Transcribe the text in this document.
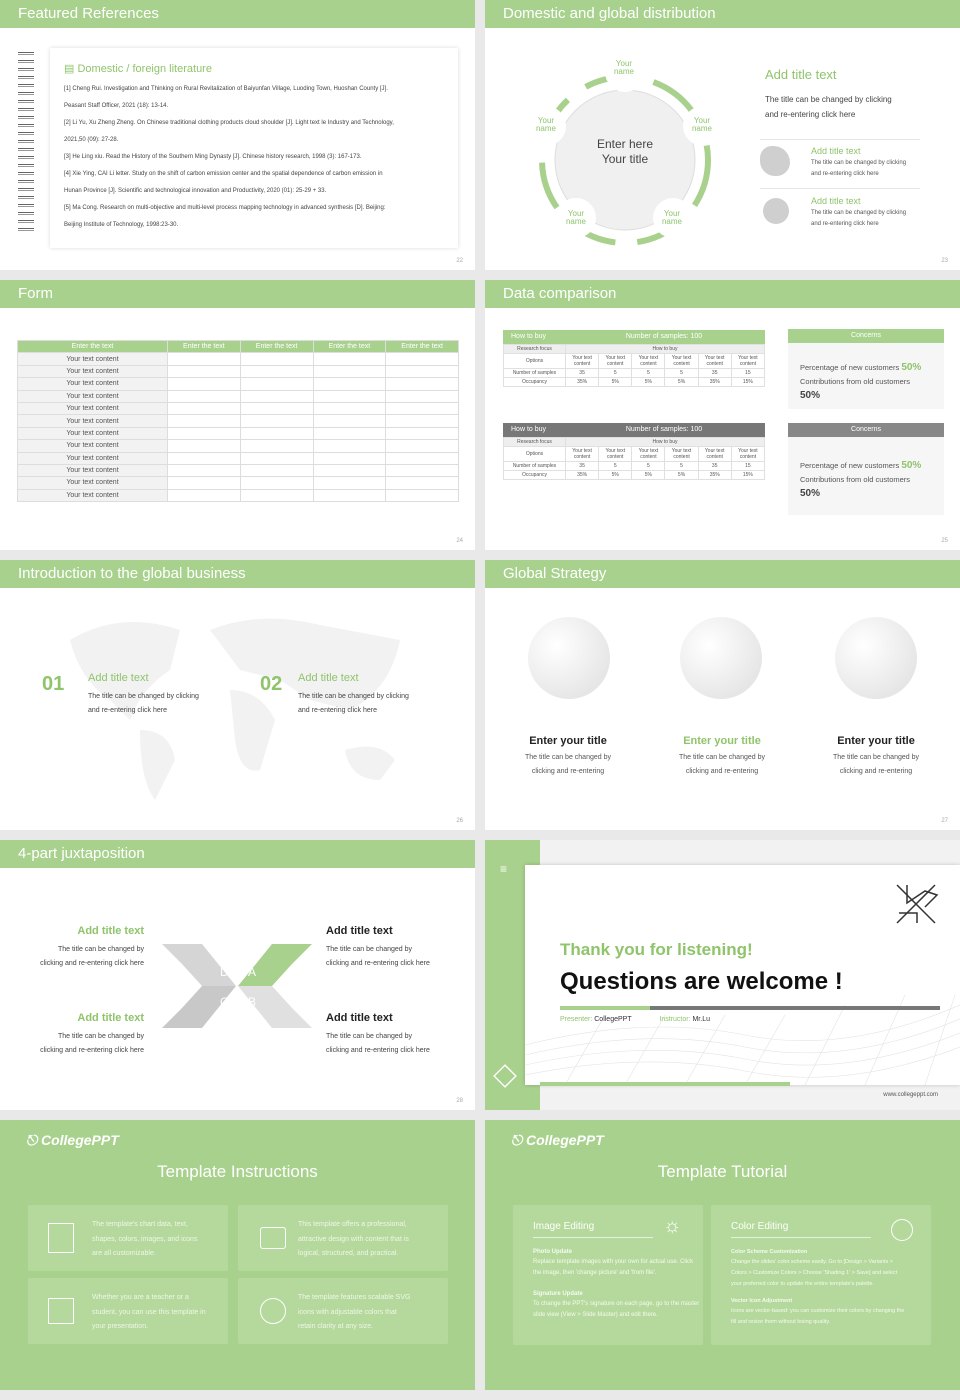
Featured References
▤ Domestic / foreign literature

[1] Cheng Rui. Investigation and Thinking on Rural Revitalization of Baiyunfan Village, Luoding Town, Huoshan County [J].

Peasant Staff Officer, 2021 (18): 13-14.

[2] Li Yu, Xu Zheng Zheng. On Chinese traditional clothing products cloud shoulder [J]. Light text le Industry and Technology,

2021,50 (09): 27-28.

[3] He Ling xiu. Read the History of the Southern Ming Dynasty [J]. Chinese history research, 1998 (3): 167-173.

[4] Xie Ying, CAI Li letter. Study on the shift of carbon emission center and the spatial dependence of carbon emission in

Hunan Province [J]. Scientific and technological innovation and Productivity, 2020 (01): 25-29 + 33.

[5] Ma Cong. Research on multi-objective and multi-level process mapping technology in advanced synthesis [D]. Beijing:

Beijing Institute of Technology, 1998:23-30.

22
Domestic and global distribution
Enter here
Your title
Your name
Your name
Your name
Your name
Your name
Add title text
The title can be changed by clicking
and re-entering click here
Add title text
The title can be changed by clicking
and re-entering click here
Add title text
The title can be changed by clicking
and re-entering click here
23
Form
Enter the text	Enter the text	Enter the text	Enter the text	Enter the text
Your text content				
Your text content				
Your text content				
Your text content				
Your text content				
Your text content				
Your text content				
Your text content				
Your text content				
Your text content				
Your text content				
Your text content				
24
Data comparison
How to buy	Number of samples: 100
Research focus	How to buy					
Options	Your text content	Your text content	Your text content	Your text content	Your text content	Your text content
Number of samples	35	5	5	5	35	15
Occupancy	35%	5%	5%	5%	35%	15%
How to buy	Number of samples: 100
Research focus	How to buy					
Options	Your text content	Your text content	Your text content	Your text content	Your text content	Your text content
Number of samples	35	5	5	5	35	15
Occupancy	35%	5%	5%	5%	35%	15%
Concerns

Percentage of new customers 50%

Contributions from old customers 50%

Concerns

Percentage of new customers 50%

Contributions from old customers 50%

25
Introduction to the global business
01 Add title text
The title can be changed by clicking
and re-entering click here
02 Add title text
The title can be changed by clicking
and re-entering click here
26
Global Strategy
Enter your title
The title can be changed by
clicking and re-entering
Enter your title
The title can be changed by
clicking and re-entering
Enter your title
The title can be changed by
clicking and re-entering
27
4-part juxtaposition
D A
C B
Add title text
The title can be changed by
clicking and re-entering click here
Add title text
The title can be changed by
clicking and re-entering click here
Add title text
The title can be changed by
clicking and re-entering click here
Add title text
The title can be changed by
clicking and re-entering click here
28
≡
Thank you for listening!
Questions are welcome !
Presenter: CollegePPT	Instructor: Mr.Lu
www.collegeppt.com
⎋ CollegePPT
Template Instructions

The template's chart data, text,

shapes, colors, images, and icons

are all customizable.

This template offers a professional,

attractive design with content that is

logical, structured, and practical.

Whether you are a teacher or a

student, you can use this template in

your presentation.

The template features scalable SVG

icons with adjustable colors that

retain clarity at any size.

⎋ CollegePPT
Template Tutorial
Image Editing	☼
Photo Update
Replace template images with your own for actual use. Click
the image, then 'change picture' and 'from file'.
Signature Update
To change the PPT's signature on each page, go to the master
slide view (View > Slide Master) and edit there.
Color Editing
Color Scheme Customization
Change the slides' color scheme easily. Go to [Design > Variants >
Colors > Customize Colors > Choose 'Shading 1' > Save] and select
your preferred color to update the entire template's palette.
Vector Icon Adjustment
Icons are vector-based: you can customize their colors by changing the
fill and resize them without losing quality.
